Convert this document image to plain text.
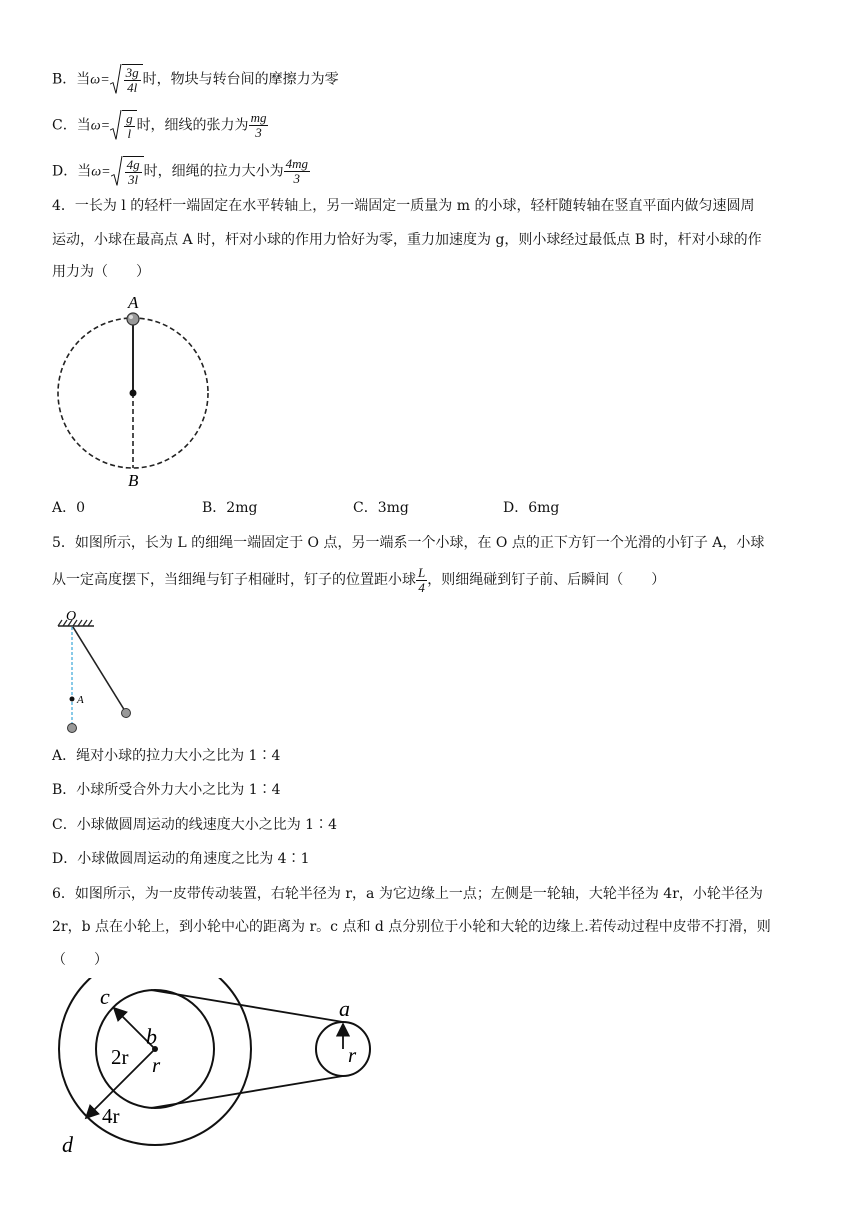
B．当$\omega= \frac{3g}{4l}$ 时，物块与转台间的摩擦力为零
C．当$\omega= \frac{g}{l}$ 时，细线的张力为 $\frac{mg}{3}$
D．当$\omega= \frac{4g}{3l}$ 时，细绳的拉力大小为 $\frac{4mg}{3}$
4．一长为 l 的轻杆一端固定在水平转轴上，另一端固定一质量为 m 的小球，轻杆随转轴在竖直平面内做匀速圆周
运动，小球在最高点 A 时，杆对小球的作用力恰好为零，重力加速度为 g，则小球经过最低点 B 时，杆对小球的作
用力为（　　）
A
B
A．0	B．2mg	C．3mg	D．6mg
5．如图所示，长为 L 的细绳一端固定于 O 点，另一端系一个小球，在 O 点的正下方钉一个光滑的小钉子 A，小球
从一定高度摆下，当细绳与钉子相碰时，钉子的位置距小球 $\frac{L}{4}$ ，则细绳碰到钉子前、后瞬间（　　）
O
A
A．绳对小球的拉力大小之比为 1∶4
B．小球所受合外力大小之比为 1∶4
C．小球做圆周运动的线速度大小之比为 1∶4
D．小球做圆周运动的角速度之比为 4∶1
6．如图所示，为一皮带传动装置，右轮半径为 r，a 为它边缘上一点；左侧是一轮轴，大轮半径为 4r，小轮半径为
2r，b 点在小轮上，到小轮中心的距离为 r。c 点和 d 点分别位于小轮和大轮的边缘上.若传动过程中皮带不打滑，则
（　　）
c
b
2r r
4r
d
a
r
